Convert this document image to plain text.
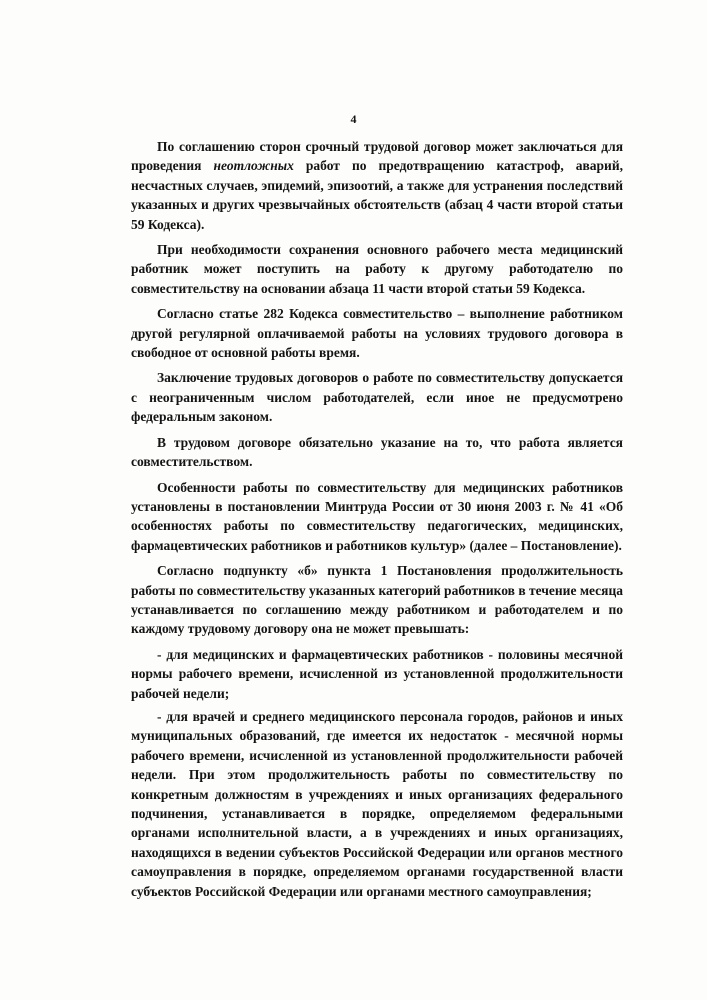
4

По соглашению сторон срочный трудовой договор может заключаться для проведения неотложных работ по предотвращению катастроф, аварий, несчастных случаев, эпидемий, эпизоотий, а также для устранения последствий указанных и других чрезвычайных обстоятельств (абзац 4 части второй статьи 59 Кодекса).

При необходимости сохранения основного рабочего места медицинский работник может поступить на работу к другому работодателю по совместительству на основании абзаца 11 части второй статьи 59 Кодекса.

Согласно статье 282 Кодекса совместительство – выполнение работником другой регулярной оплачиваемой работы на условиях трудового договора в свободное от основной работы время.

Заключение трудовых договоров о работе по совместительству допускается с неограниченным числом работодателей, если иное не предусмотрено федеральным законом.

В трудовом договоре обязательно указание на то, что работа является совместительством.

Особенности работы по совместительству для медицинских работников установлены в постановлении Минтруда России от 30 июня 2003 г. № 41 «Об особенностях работы по совместительству педагогических, медицинских, фармацевтических работников и работников культур» (далее – Постановление).

Согласно подпункту «б» пункта 1 Постановления продолжительность работы по совместительству указанных категорий работников в течение месяца устанавливается по соглашению между работником и работодателем и по каждому трудовому договору она не может превышать:

- для медицинских и фармацевтических работников - половины месячной нормы рабочего времени, исчисленной из установленной продолжительности рабочей недели;

- для врачей и среднего медицинского персонала городов, районов и иных муниципальных образований, где имеется их недостаток - месячной нормы рабочего времени, исчисленной из установленной продолжительности рабочей недели. При этом продолжительность работы по совместительству по конкретным должностям в учреждениях и иных организациях федерального подчинения, устанавливается в порядке, определяемом федеральными органами исполнительной власти, а в учреждениях и иных организациях, находящихся в ведении субъектов Российской Федерации или органов местного самоуправления в порядке, определяемом органами государственной власти субъектов Российской Федерации или органами местного самоуправления;
